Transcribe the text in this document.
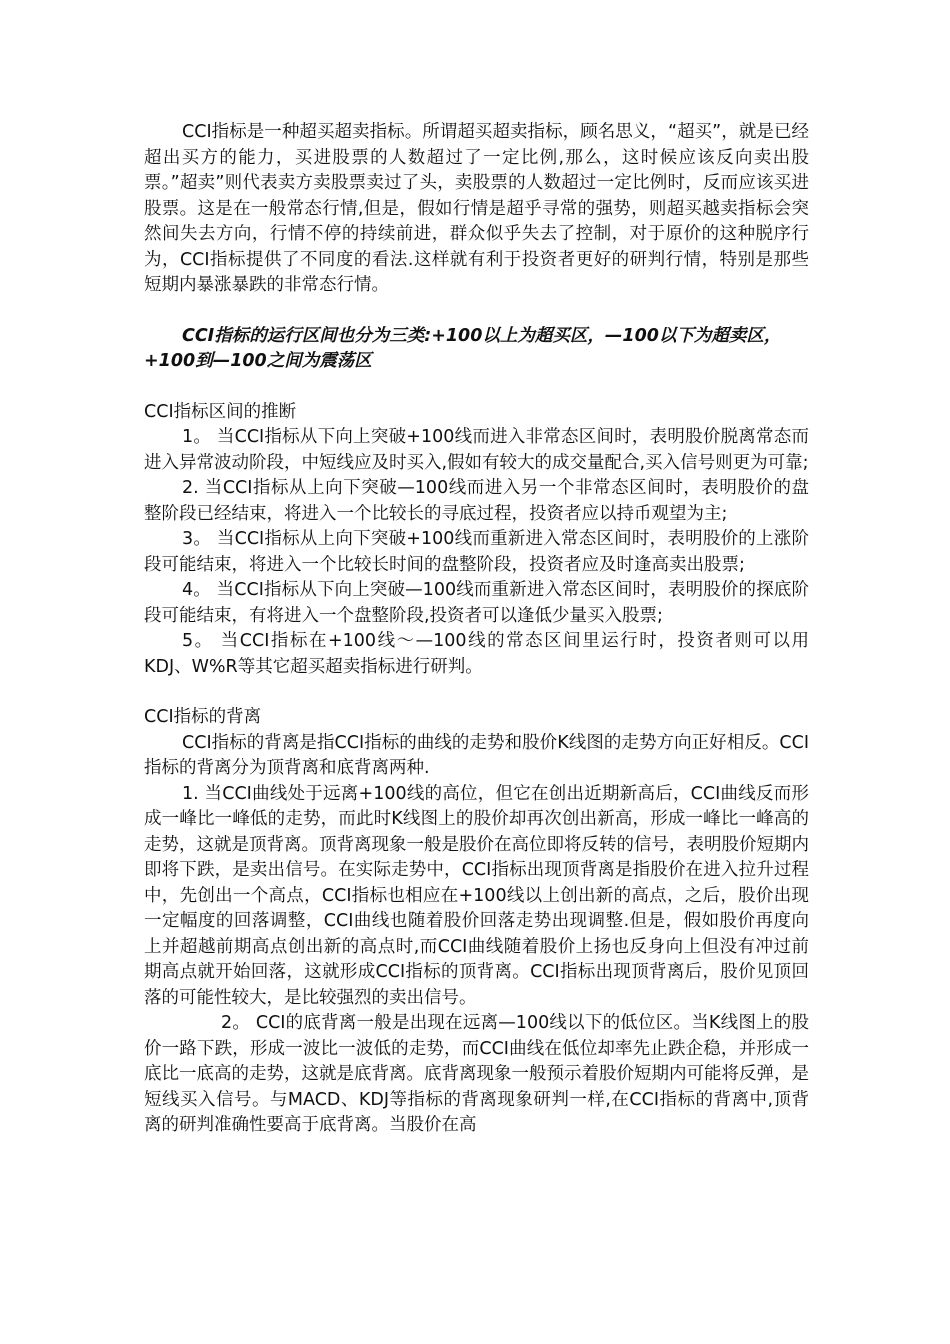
CCI指标是一种超买超卖指标。所谓超买超卖指标，顾名思义，“超买”，就是已经超出买方的能力，买进股票的人数超过了一定比例,那么，这时候应该反向卖出股票。”超卖”则代表卖方卖股票卖过了头，卖股票的人数超过一定比例时，反而应该买进股票。这是在一般常态行情,但是，假如行情是超乎寻常的强势，则超买越卖指标会突然间失去方向，行情不停的持续前进，群众似乎失去了控制，对于原价的这种脱序行为，CCI指标提供了不同度的看法.这样就有利于投资者更好的研判行情，特别是那些短期内暴涨暴跌的非常态行情。

CCI指标的运行区间也分为三类:+100以上为超买区，—100以下为超卖区，+100到—100之间为震荡区

CCI指标区间的推断

1。 当CCI指标从下向上突破+100线而进入非常态区间时，表明股价脱离常态而进入异常波动阶段，中短线应及时买入,假如有较大的成交量配合,买入信号则更为可靠;

2. 当CCI指标从上向下突破—100线而进入另一个非常态区间时，表明股价的盘整阶段已经结束，将进入一个比较长的寻底过程，投资者应以持币观望为主;

3。 当CCI指标从上向下突破+100线而重新进入常态区间时，表明股价的上涨阶段可能结束，将进入一个比较长时间的盘整阶段，投资者应及时逢高卖出股票;

4。 当CCI指标从下向上突破—100线而重新进入常态区间时，表明股价的探底阶段可能结束，有将进入一个盘整阶段,投资者可以逢低少量买入股票;

5。 当CCI指标在+100线～—100线的常态区间里运行时，投资者则可以用KDJ、W%R等其它超买超卖指标进行研判。

CCI指标的背离

CCI指标的背离是指CCI指标的曲线的走势和股价K线图的走势方向正好相反。CCI指标的背离分为顶背离和底背离两种.

1. 当CCI曲线处于远离+100线的高位，但它在创出近期新高后，CCI曲线反而形成一峰比一峰低的走势，而此时K线图上的股价却再次创出新高，形成一峰比一峰高的走势，这就是顶背离。顶背离现象一般是股价在高位即将反转的信号，表明股价短期内即将下跌，是卖出信号。在实际走势中，CCI指标出现顶背离是指股价在进入拉升过程中，先创出一个高点，CCI指标也相应在+100线以上创出新的高点，之后，股价出现一定幅度的回落调整，CCI曲线也随着股价回落走势出现调整.但是，假如股价再度向上并超越前期高点创出新的高点时,而CCI曲线随着股价上扬也反身向上但没有冲过前期高点就开始回落，这就形成CCI指标的顶背离。CCI指标出现顶背离后，股价见顶回落的可能性较大，是比较强烈的卖出信号。

2。 CCI的底背离一般是出现在远离—100线以下的低位区。当K线图上的股价一路下跌，形成一波比一波低的走势，而CCI曲线在低位却率先止跌企稳，并形成一底比一底高的走势，这就是底背离。底背离现象一般预示着股价短期内可能将反弹，是短线买入信号。与MACD、KDJ等指标的背离现象研判一样,在CCI指标的背离中,顶背离的研判准确性要高于底背离。当股价在高
